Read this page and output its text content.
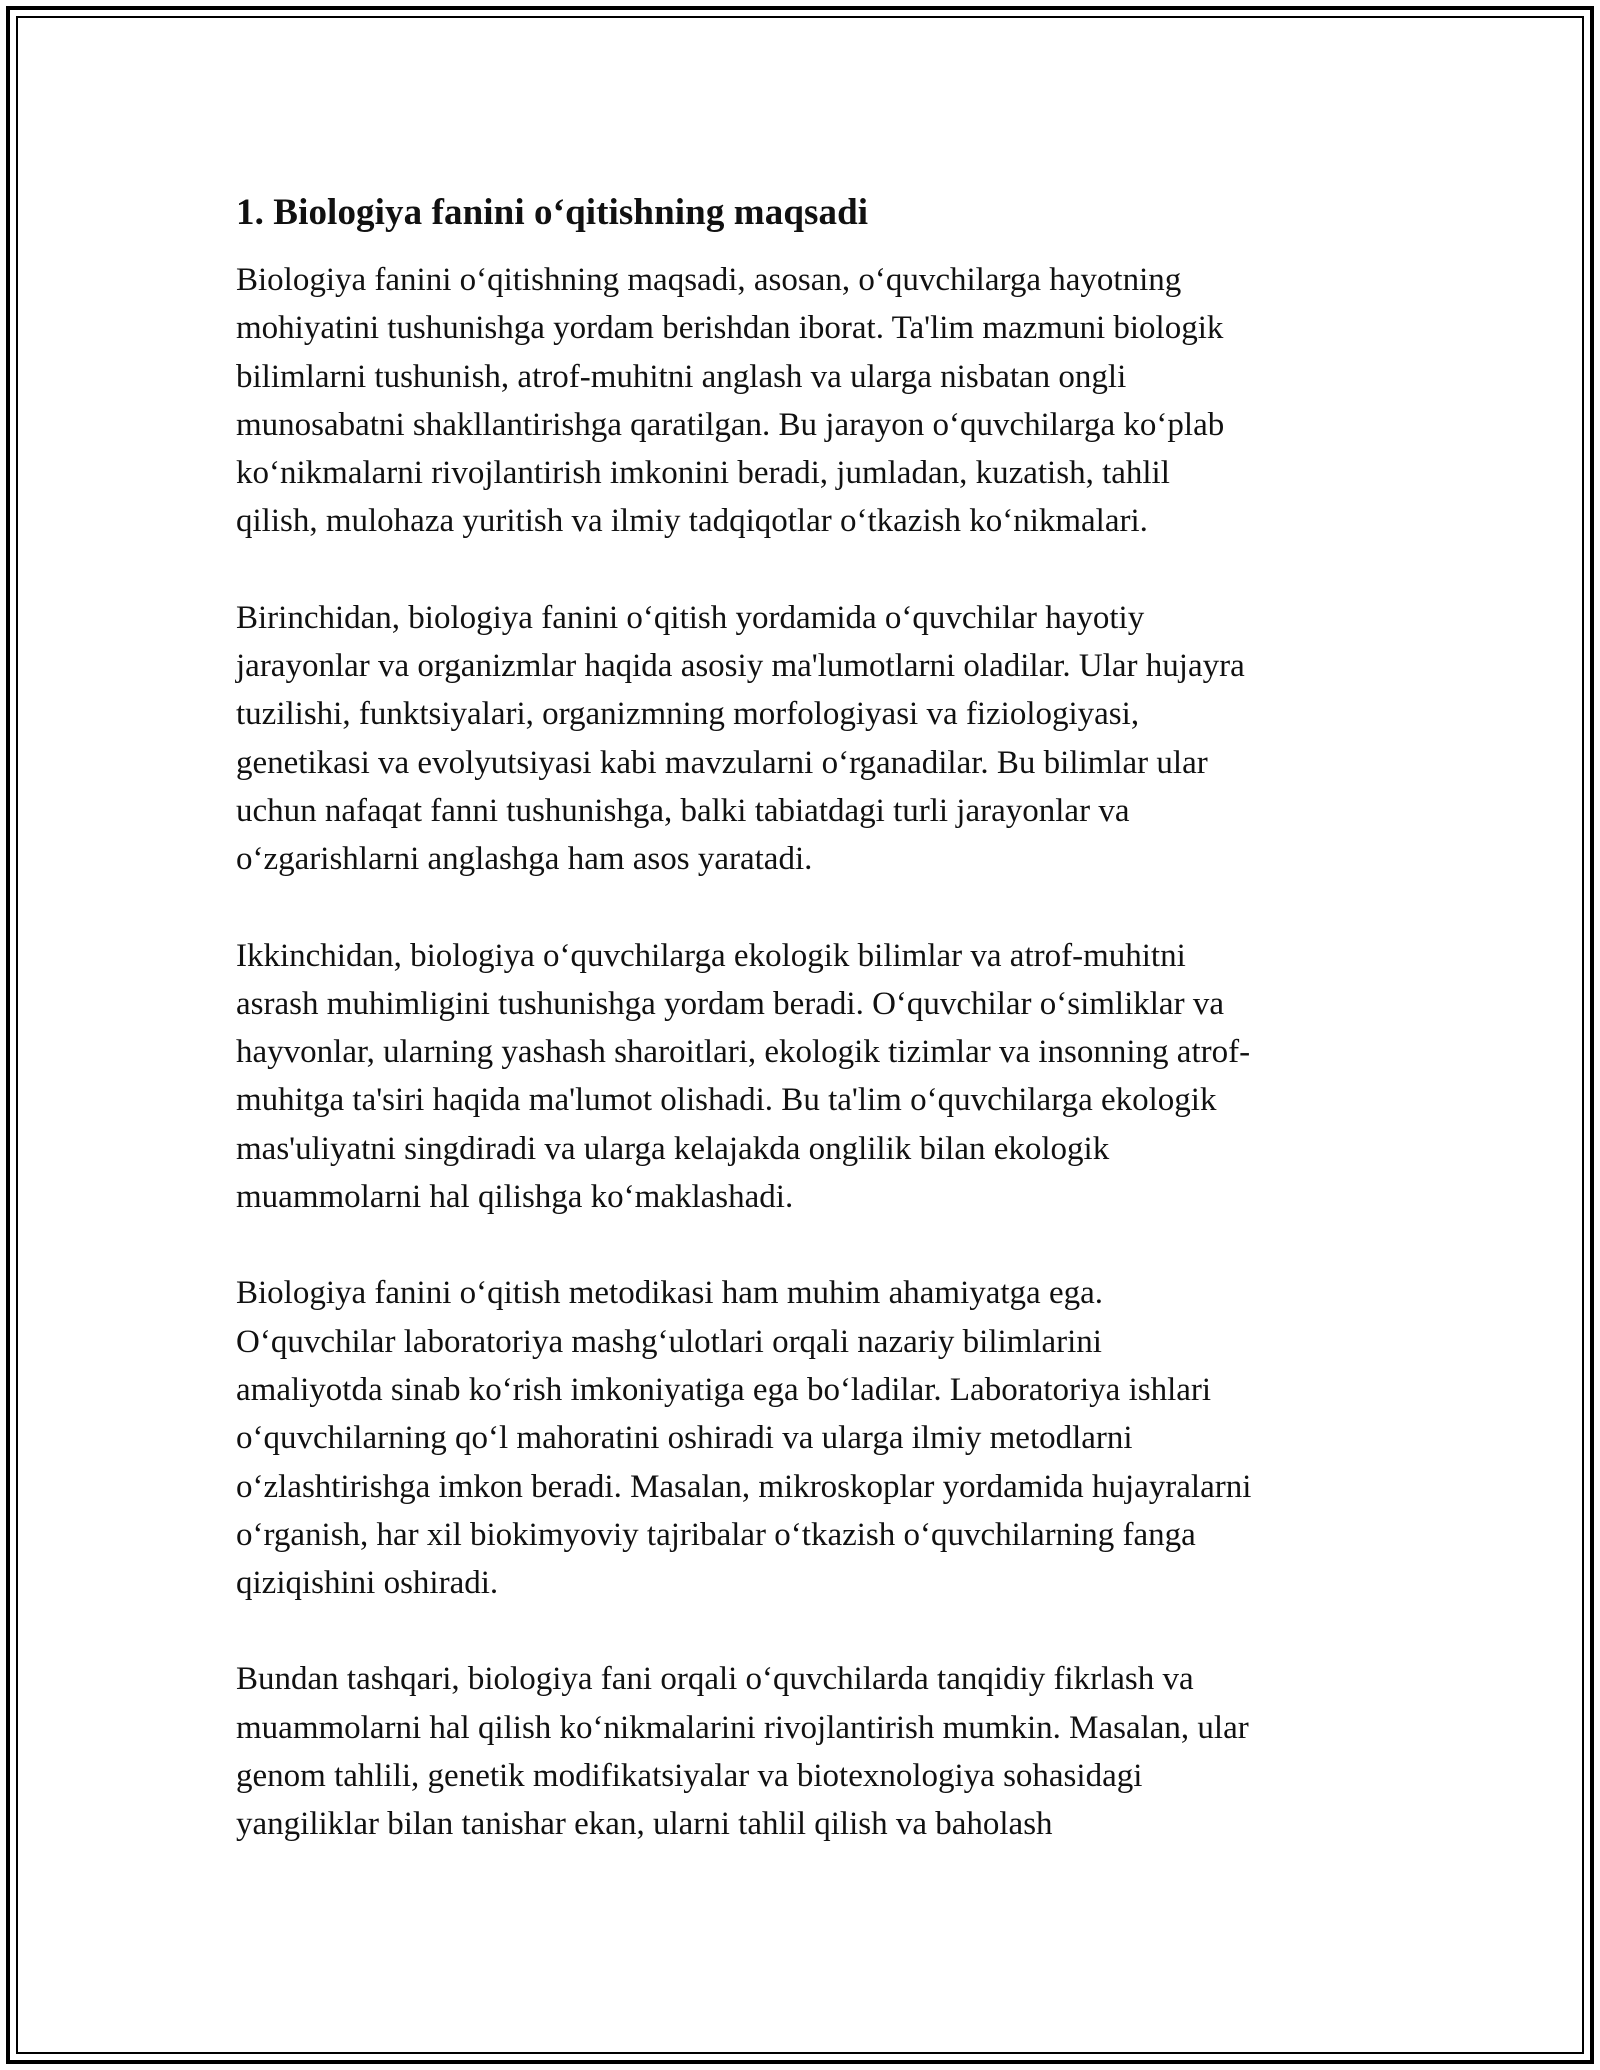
1. Biologiya fanini o‘qitishning maqsadi
Biologiya fanini o‘qitishning maqsadi, asosan, o‘quvchilarga hayotning
mohiyatini tushunishga yordam berishdan iborat. Ta'lim mazmuni biologik
bilimlarni tushunish, atrof-muhitni anglash va ularga nisbatan ongli
munosabatni shakllantirishga qaratilgan. Bu jarayon o‘quvchilarga ko‘plab
ko‘nikmalarni rivojlantirish imkonini beradi, jumladan, kuzatish, tahlil
qilish, mulohaza yuritish va ilmiy tadqiqotlar o‘tkazish ko‘nikmalari.
Birinchidan, biologiya fanini o‘qitish yordamida o‘quvchilar hayotiy
jarayonlar va organizmlar haqida asosiy ma'lumotlarni oladilar. Ular hujayra
tuzilishi, funktsiyalari, organizmning morfologiyasi va fiziologiyasi,
genetikasi va evolyutsiyasi kabi mavzularni o‘rganadilar. Bu bilimlar ular
uchun nafaqat fanni tushunishga, balki tabiatdagi turli jarayonlar va
o‘zgarishlarni anglashga ham asos yaratadi.
Ikkinchidan, biologiya o‘quvchilarga ekologik bilimlar va atrof-muhitni
asrash muhimligini tushunishga yordam beradi. O‘quvchilar o‘simliklar va
hayvonlar, ularning yashash sharoitlari, ekologik tizimlar va insonning atrof-
muhitga ta'siri haqida ma'lumot olishadi. Bu ta'lim o‘quvchilarga ekologik
mas'uliyatni singdiradi va ularga kelajakda onglilik bilan ekologik
muammolarni hal qilishga ko‘maklashadi.
Biologiya fanini o‘qitish metodikasi ham muhim ahamiyatga ega.
O‘quvchilar laboratoriya mashg‘ulotlari orqali nazariy bilimlarini
amaliyotda sinab ko‘rish imkoniyatiga ega bo‘ladilar. Laboratoriya ishlari
o‘quvchilarning qo‘l mahoratini oshiradi va ularga ilmiy metodlarni
o‘zlashtirishga imkon beradi. Masalan, mikroskoplar yordamida hujayralarni
o‘rganish, har xil biokimyoviy tajribalar o‘tkazish o‘quvchilarning fanga
qiziqishini oshiradi.
Bundan tashqari, biologiya fani orqali o‘quvchilarda tanqidiy fikrlash va
muammolarni hal qilish ko‘nikmalarini rivojlantirish mumkin. Masalan, ular
genom tahlili, genetik modifikatsiyalar va biotexnologiya sohasidagi
yangiliklar bilan tanishar ekan, ularni tahlil qilish va baholash
